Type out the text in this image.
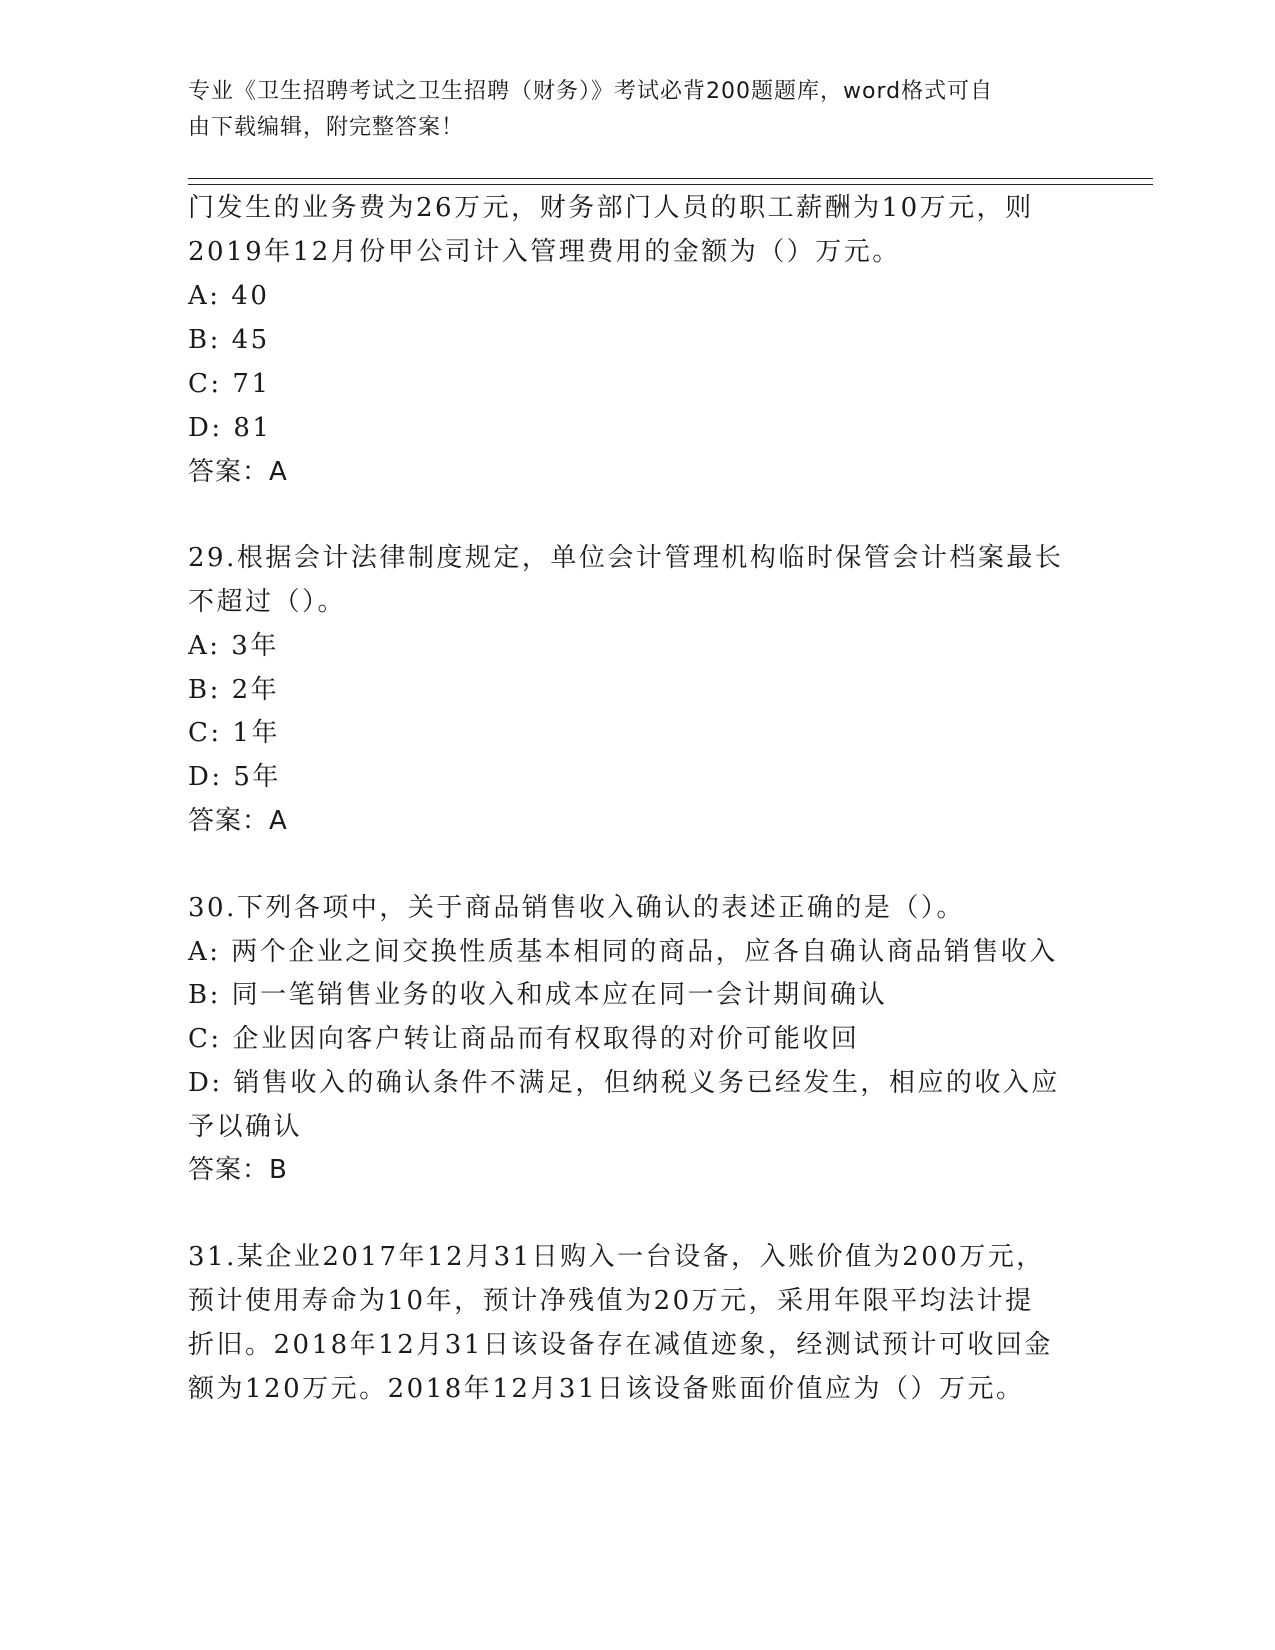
专业《卫生招聘考试之卫生招聘（财务）》考试必背200题题库，word格式可自
由下载编辑，附完整答案！
门发生的业务费为26万元，财务部门人员的职工薪酬为10万元，则
2019年12月份甲公司计入管理费用的金额为（）万元。
A: 40
B: 45
C: 71
D: 81
答案：A
29.根据会计法律制度规定，单位会计管理机构临时保管会计档案最长
不超过（）。
A: 3年
B: 2年
C: 1年
D: 5年
答案：A
30.下列各项中，关于商品销售收入确认的表述正确的是（）。
A: 两个企业之间交换性质基本相同的商品，应各自确认商品销售收入
B: 同一笔销售业务的收入和成本应在同一会计期间确认
C: 企业因向客户转让商品而有权取得的对价可能收回
D: 销售收入的确认条件不满足，但纳税义务已经发生，相应的收入应
予以确认
答案：B
31.某企业2017年12月31日购入一台设备，入账价值为200万元，
预计使用寿命为10年，预计净残值为20万元，采用年限平均法计提
折旧。2018年12月31日该设备存在减值迹象，经测试预计可收回金
额为120万元。2018年12月31日该设备账面价值应为（）万元。
